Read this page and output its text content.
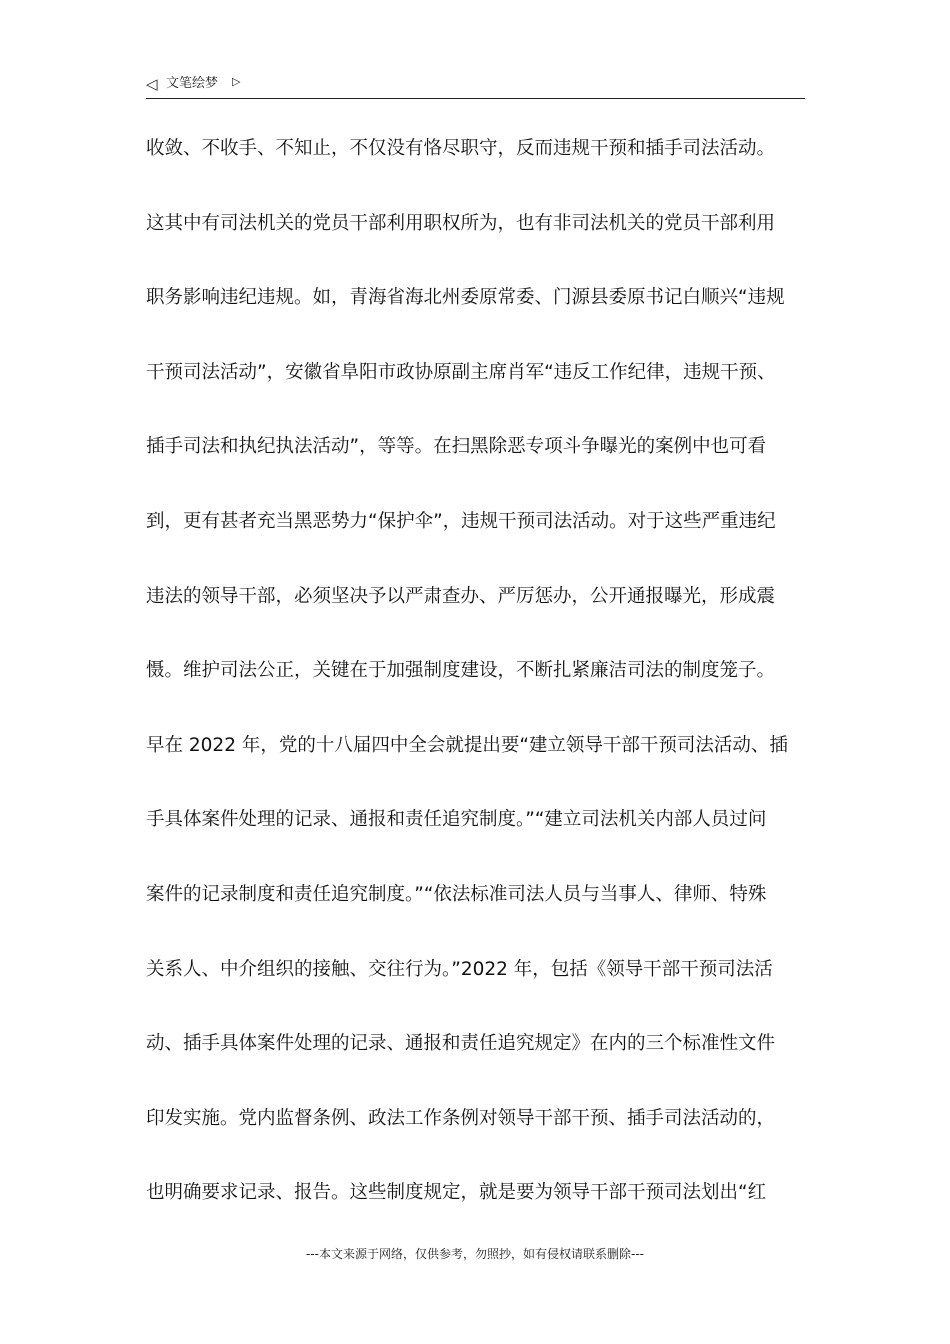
◁ 文笔绘梦 ▷
收敛、不收手、不知止，不仅没有恪尽职守，反而违规干预和插手司法活动。
这其中有司法机关的党员干部利用职权所为，也有非司法机关的党员干部利用
职务影响违纪违规。如，青海省海北州委原常委、门源县委原书记白顺兴“违规
干预司法活动”，安徽省阜阳市政协原副主席肖军“违反工作纪律，违规干预、
插手司法和执纪执法活动”，等等。在扫黑除恶专项斗争曝光的案例中也可看
到，更有甚者充当黑恶势力“保护伞”，违规干预司法活动。对于这些严重违纪
违法的领导干部，必须坚决予以严肃查办、严厉惩办，公开通报曝光，形成震
慑。维护司法公正，关键在于加强制度建设，不断扎紧廉洁司法的制度笼子。
早在 2022 年，党的十八届四中全会就提出要“建立领导干部干预司法活动、插
手具体案件处理的记录、通报和责任追究制度。”“建立司法机关内部人员过问
案件的记录制度和责任追究制度。”“依法标准司法人员与当事人、律师、特殊
关系人、中介组织的接触、交往行为。”2022 年，包括《领导干部干预司法活
动、插手具体案件处理的记录、通报和责任追究规定》在内的三个标准性文件
印发实施。党内监督条例、政法工作条例对领导干部干预、插手司法活动的，
也明确要求记录、报告。这些制度规定，就是要为领导干部干预司法划出“红
---本文来源于网络，仅供参考，勿照抄，如有侵权请联系删除---
